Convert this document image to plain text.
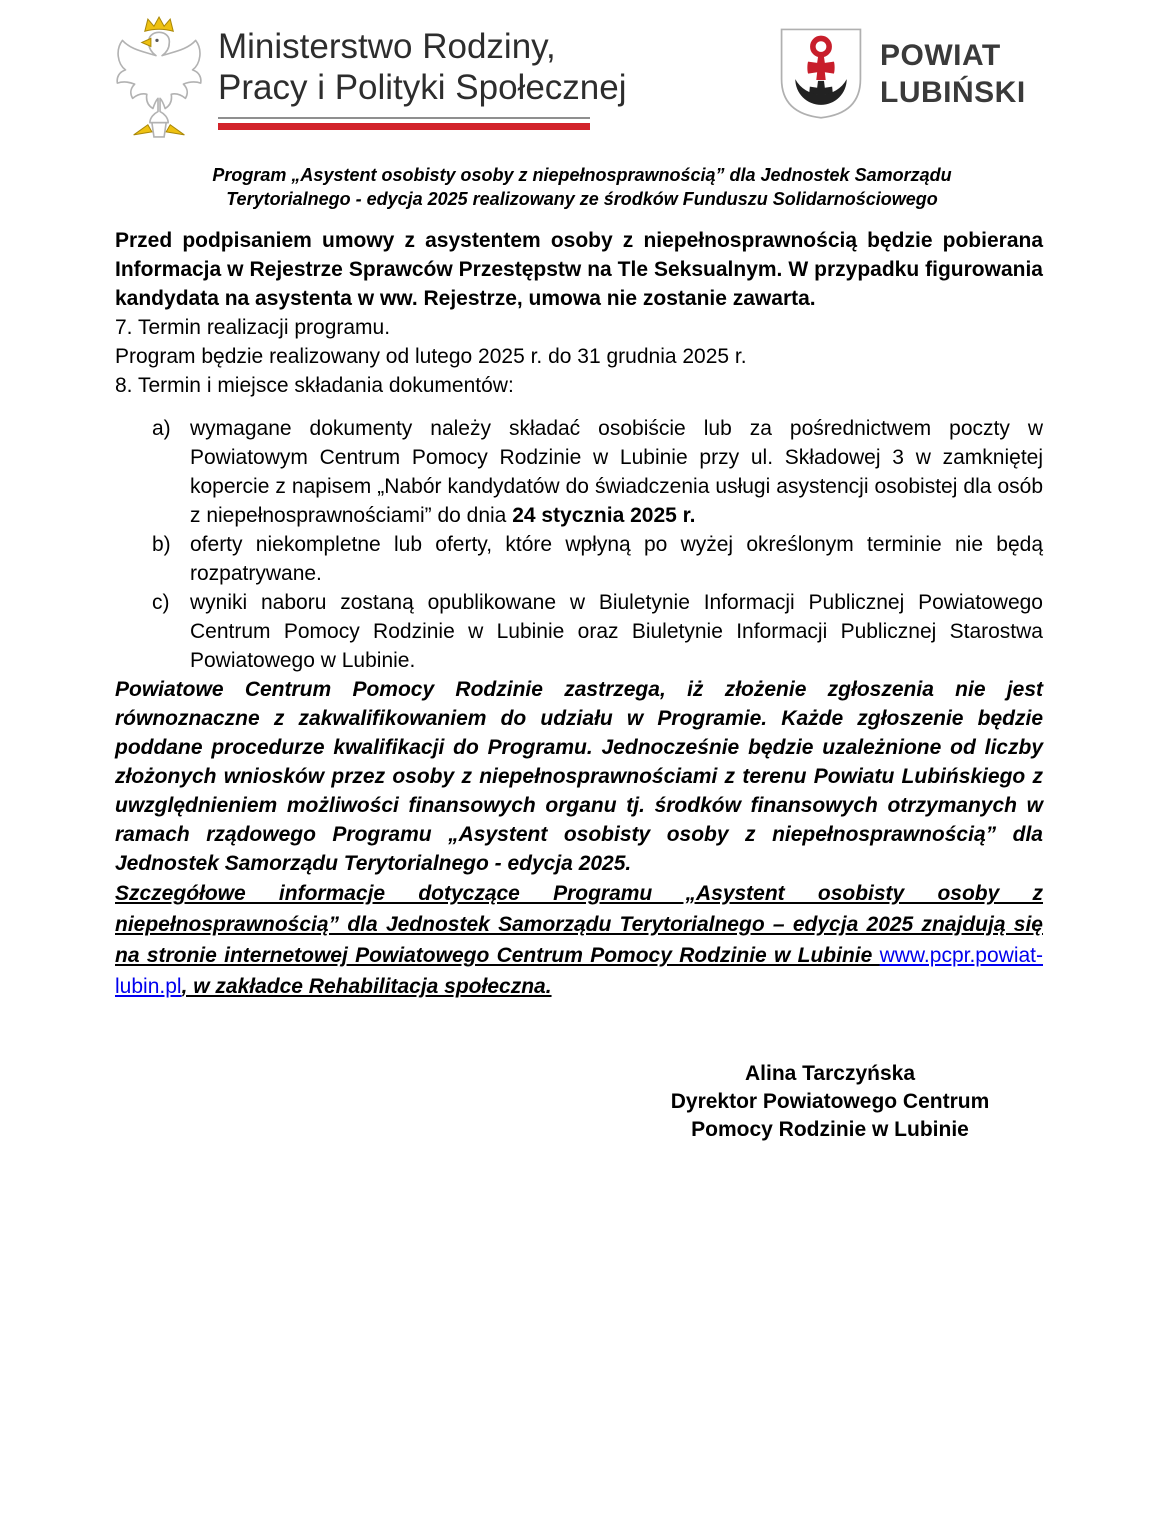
Ministerstwo Rodziny,
Pracy i Polityki Społecznej
POWIAT
LUBIŃSKI
Program „Asystent osobisty osoby z niepełnosprawnością” dla Jednostek Samorządu
Terytorialnego - edycja 2025 realizowany ze środków Funduszu Solidarnościowego

Przed podpisaniem umowy z asystentem osoby z niepełnosprawnością będzie pobierana Informacja w Rejestrze Sprawców Przestępstw na Tle Seksualnym. W przypadku figurowania kandydata na asystenta w ww. Rejestrze, umowa nie zostanie zawarta.

7. Termin realizacji programu.

Program będzie realizowany od lutego 2025 r. do 31 grudnia 2025 r.

8. Termin i miejsce składania dokumentów:

a) wymagane dokumenty należy składać osobiście lub za pośrednictwem poczty w Powiatowym Centrum Pomocy Rodzinie w Lubinie przy ul. Składowej 3 w zamkniętej kopercie z napisem „Nabór kandydatów do świadczenia usługi asystencji osobistej dla osób z niepełnosprawnościami” do dnia 24 stycznia 2025 r.
b) oferty niekompletne lub oferty, które wpłyną po wyżej określonym terminie nie będą rozpatrywane.
c) wyniki naboru zostaną opublikowane w Biuletynie Informacji Publicznej Powiatowego Centrum Pomocy Rodzinie w Lubinie oraz Biuletynie Informacji Publicznej Starostwa Powiatowego w Lubinie.

Powiatowe Centrum Pomocy Rodzinie zastrzega, iż złożenie zgłoszenia nie jest równoznaczne z zakwalifikowaniem do udziału w Programie. Każde zgłoszenie będzie poddane procedurze kwalifikacji do Programu. Jednocześnie będzie uzależnione od liczby złożonych wniosków przez osoby z niepełnosprawnościami z terenu Powiatu Lubińskiego z uwzględnieniem możliwości finansowych organu tj. środków finansowych otrzymanych w ramach rządowego Programu „Asystent osobisty osoby z niepełnosprawnością” dla Jednostek Samorządu Terytorialnego - edycja 2025.

Szczegółowe informacje dotyczące Programu „Asystent osobisty osoby z niepełnosprawnością” dla Jednostek Samorządu Terytorialnego – edycja 2025 znajdują się na stronie internetowej Powiatowego Centrum Pomocy Rodzinie w Lubinie www.pcpr.powiat-lubin.pl, w zakładce Rehabilitacja społeczna.

Alina Tarczyńska
Dyrektor Powiatowego Centrum
Pomocy Rodzinie w Lubinie
